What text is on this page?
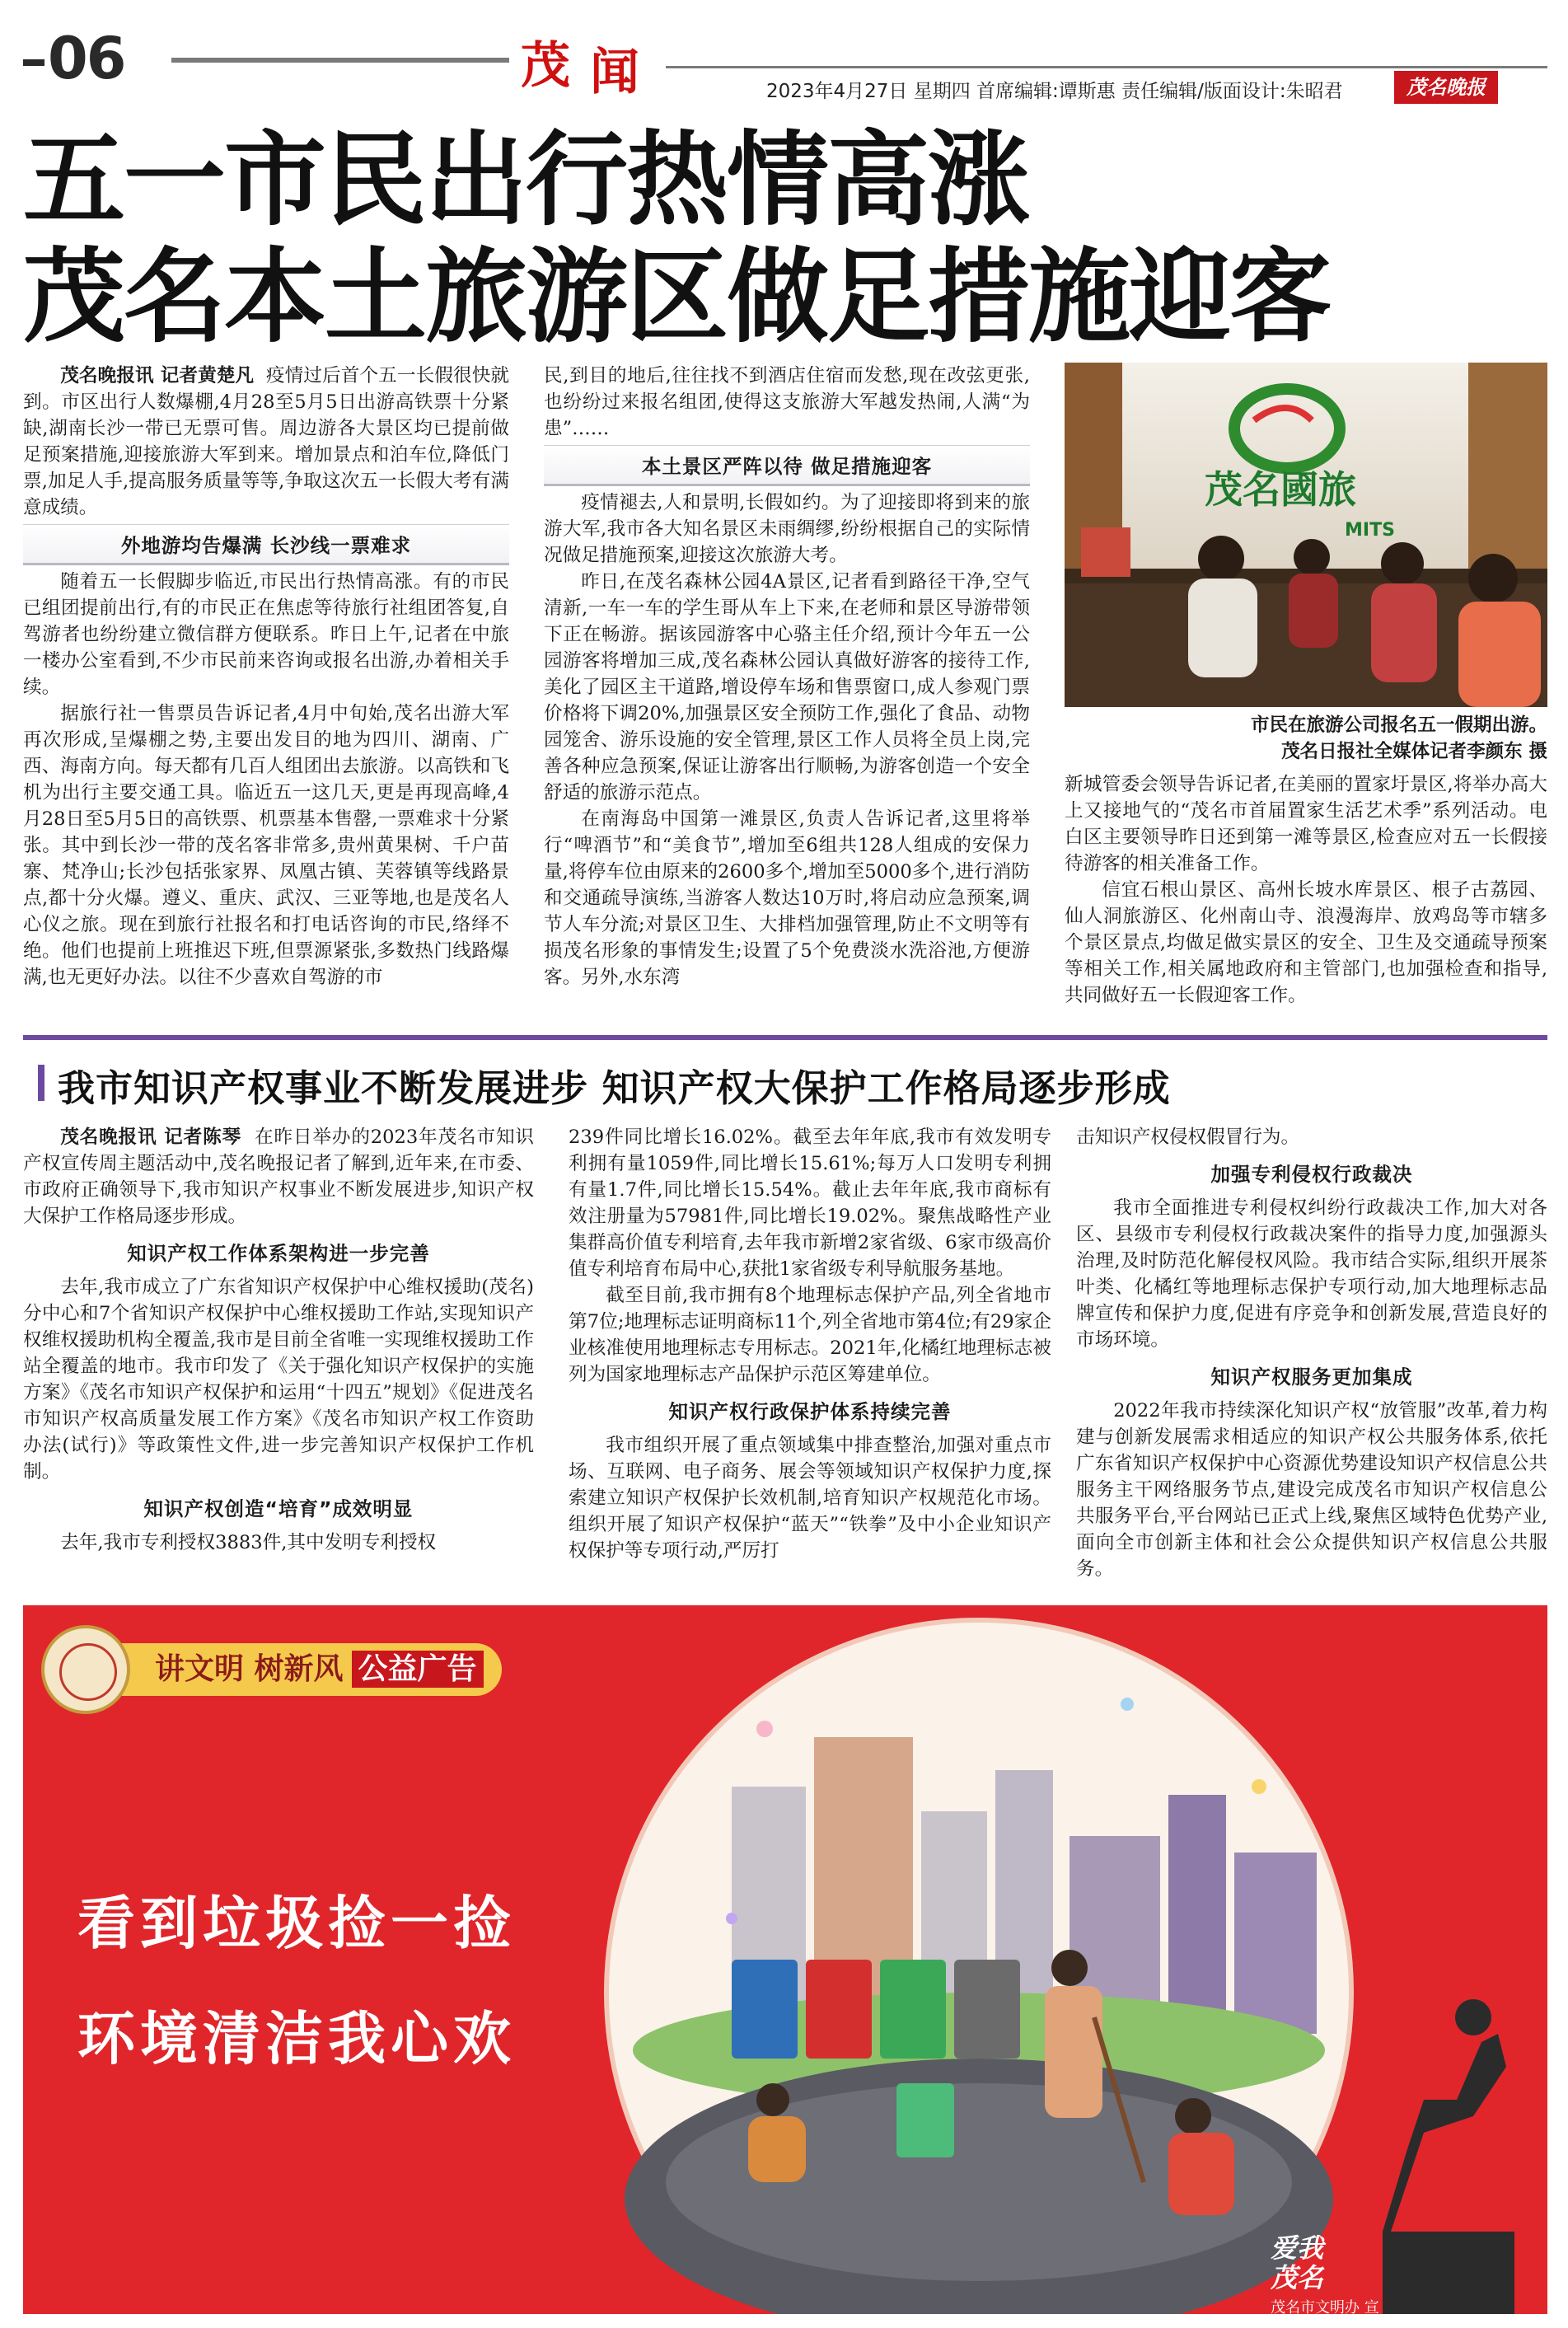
06	茂 闻	2023年4月27日 星期四 首席编辑:谭斯惠 责任编辑/版面设计:朱昭君	茂名晚报
五一市民出行热情高涨
茂名本土旅游区做足措施迎客

茂名晚报讯 记者黄楚凡 疫情过后首个五一长假很快就到。市区出行人数爆棚,4月28至5月5日出游高铁票十分紧缺,湖南长沙一带已无票可售。周边游各大景区均已提前做足预案措施,迎接旅游大军到来。增加景点和泊车位,降低门票,加足人手,提高服务质量等等,争取这次五一长假大考有满意成绩。

外地游均告爆满 长沙线一票难求

随着五一长假脚步临近,市民出行热情高涨。有的市民已组团提前出行,有的市民正在焦虑等待旅行社组团答复,自驾游者也纷纷建立微信群方便联系。昨日上午,记者在中旅一楼办公室看到,不少市民前来咨询或报名出游,办着相关手续。

据旅行社一售票员告诉记者,4月中旬始,茂名出游大军再次形成,呈爆棚之势,主要出发目的地为四川、湖南、广西、海南方向。每天都有几百人组团出去旅游。以高铁和飞机为出行主要交通工具。临近五一这几天,更是再现高峰,4月28日至5月5日的高铁票、机票基本售罄,一票难求十分紧张。其中到长沙一带的茂名客非常多,贵州黄果树、千户苗寨、梵净山;长沙包括张家界、凤凰古镇、芙蓉镇等线路景点,都十分火爆。遵义、重庆、武汉、三亚等地,也是茂名人心仪之旅。现在到旅行社报名和打电话咨询的市民,络绎不绝。他们也提前上班推迟下班,但票源紧张,多数热门线路爆满,也无更好办法。以往不少喜欢自驾游的市

民,到目的地后,往往找不到酒店住宿而发愁,现在改弦更张,也纷纷过来报名组团,使得这支旅游大军越发热闹,人满“为患”……

本土景区严阵以待 做足措施迎客

疫情褪去,人和景明,长假如约。为了迎接即将到来的旅游大军,我市各大知名景区未雨绸缪,纷纷根据自己的实际情况做足措施预案,迎接这次旅游大考。

昨日,在茂名森林公园4A景区,记者看到路径干净,空气清新,一车一车的学生哥从车上下来,在老师和景区导游带领下正在畅游。据该园游客中心骆主任介绍,预计今年五一公园游客将增加三成,茂名森林公园认真做好游客的接待工作,美化了园区主干道路,增设停车场和售票窗口,成人参观门票价格将下调20%,加强景区安全预防工作,强化了食品、动物园笼舍、游乐设施的安全管理,景区工作人员将全员上岗,完善各种应急预案,保证让游客出行顺畅,为游客创造一个安全舒适的旅游示范点。

在南海岛中国第一滩景区,负责人告诉记者,这里将举行“啤酒节”和“美食节”,增加至6组共128人组成的安保力量,将停车位由原来的2600多个,增加至5000多个,进行消防和交通疏导演练,当游客人数达10万时,将启动应急预案,调节人车分流;对景区卫生、大排档加强管理,防止不文明等有损茂名形象的事情发生;设置了5个免费淡水洗浴池,方便游客。另外,水东湾

茂名國旅
MITS
市民在旅游公司报名五一假期出游。
茂名日报社全媒体记者李颜东 摄

新城管委会领导告诉记者,在美丽的置家圩景区,将举办高大上又接地气的“茂名市首届置家生活艺术季”系列活动。电白区主要领导昨日还到第一滩等景区,检查应对五一长假接待游客的相关准备工作。

信宜石根山景区、高州长坡水库景区、根子古荔园、仙人洞旅游区、化州南山寺、浪漫海岸、放鸡岛等市辖多个景区景点,均做足做实景区的安全、卫生及交通疏导预案等相关工作,相关属地政府和主管部门,也加强检查和指导,共同做好五一长假迎客工作。

我市知识产权事业不断发展进步 知识产权大保护工作格局逐步形成

茂名晚报讯 记者陈琴 在昨日举办的2023年茂名市知识产权宣传周主题活动中,茂名晚报记者了解到,近年来,在市委、市政府正确领导下,我市知识产权事业不断发展进步,知识产权大保护工作格局逐步形成。

知识产权工作体系架构进一步完善

去年,我市成立了广东省知识产权保护中心维权援助(茂名)分中心和7个省知识产权保护中心维权援助工作站,实现知识产权维权援助机构全覆盖,我市是目前全省唯一实现维权援助工作站全覆盖的地市。我市印发了《关于强化知识产权保护的实施方案》《茂名市知识产权保护和运用“十四五”规划》《促进茂名市知识产权高质量发展工作方案》《茂名市知识产权工作资助办法(试行)》等政策性文件,进一步完善知识产权保护工作机制。

知识产权创造“培育”成效明显

去年,我市专利授权3883件,其中发明专利授权

239件同比增长16.02%。截至去年年底,我市有效发明专利拥有量1059件,同比增长15.61%;每万人口发明专利拥有量1.7件,同比增长15.54%。截止去年年底,我市商标有效注册量为57981件,同比增长19.02%。聚焦战略性产业集群高价值专利培育,去年我市新增2家省级、6家市级高价值专利培育布局中心,获批1家省级专利导航服务基地。

截至目前,我市拥有8个地理标志保护产品,列全省地市第7位;地理标志证明商标11个,列全省地市第4位;有29家企业核准使用地理标志专用标志。2021年,化橘红地理标志被列为国家地理标志产品保护示范区筹建单位。

知识产权行政保护体系持续完善

我市组织开展了重点领域集中排查整治,加强对重点市场、互联网、电子商务、展会等领域知识产权保护力度,探索建立知识产权保护长效机制,培育知识产权规范化市场。组织开展了知识产权保护“蓝天”“铁拳”及中小企业知识产权保护等专项行动,严厉打

击知识产权侵权假冒行为。

加强专利侵权行政裁决

我市全面推进专利侵权纠纷行政裁决工作,加大对各区、县级市专利侵权行政裁决案件的指导力度,加强源头治理,及时防范化解侵权风险。我市结合实际,组织开展茶叶类、化橘红等地理标志保护专项行动,加大地理标志品牌宣传和保护力度,促进有序竞争和创新发展,营造良好的市场环境。

知识产权服务更加集成

2022年我市持续深化知识产权“放管服”改革,着力构建与创新发展需求相适应的知识产权公共服务体系,依托广东省知识产权保护中心资源优势建设知识产权信息公共服务主干网络服务节点,建设完成茂名市知识产权信息公共服务平台,平台网站已正式上线,聚焦区域特色优势产业,面向全市创新主体和社会公众提供知识产权信息公共服务。

讲文明 树新风 公益广告
看到垃圾捡一捡
环境清洁我心欢
爱我
茂名
茂名市文明办 宣
